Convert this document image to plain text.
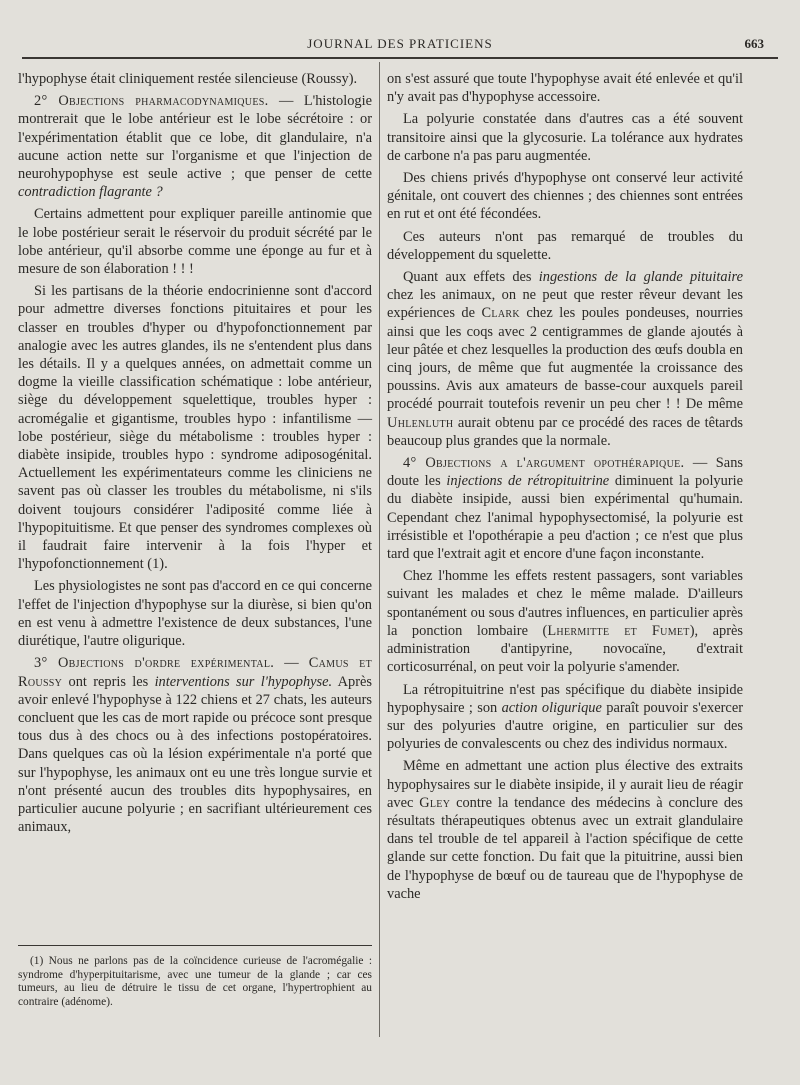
JOURNAL DES PRATICIENS	663

l'hypophyse était cliniquement restée silencieuse (Roussy).

2° Objections pharmacodynamiques. — L'histologie montrerait que le lobe antérieur est le lobe sécrétoire : or l'expérimentation établit que ce lobe, dit glandulaire, n'a aucune action nette sur l'organisme et que l'injection de neurohypophyse est seule active ; que penser de cette contradiction flagrante ?

Certains admettent pour expliquer pareille antinomie que le lobe postérieur serait le réservoir du produit sécrété par le lobe antérieur, qu'il absorbe comme une éponge au fur et à mesure de son élaboration ! ! !

Si les partisans de la théorie endocrinienne sont d'accord pour admettre diverses fonctions pituitaires et pour les classer en troubles d'hyper ou d'hypofonctionnement par analogie avec les autres glandes, ils ne s'entendent plus dans les détails. Il y a quelques années, on admettait comme un dogme la vieille classification schématique : lobe antérieur, siège du développement squelettique, troubles hyper : acromégalie et gigantisme, troubles hypo : infantilisme — lobe postérieur, siège du métabolisme : troubles hyper : diabète insipide, troubles hypo : syndrome adiposogénital. Actuellement les expérimentateurs comme les cliniciens ne savent pas où classer les troubles du métabolisme, ni s'ils doivent toujours considérer l'adiposité comme liée à l'hypopituitisme. Et que penser des syndromes complexes où il faudrait faire intervenir à la fois l'hyper et l'hypofonctionnement (1).

Les physiologistes ne sont pas d'accord en ce qui concerne l'effet de l'injection d'hypophyse sur la diurèse, si bien qu'on en est venu à admettre l'existence de deux substances, l'une diurétique, l'autre oligurique.

3° Objections d'ordre expérimental. — Camus et Roussy ont repris les interventions sur l'hypophyse. Après avoir enlevé l'hypophyse à 122 chiens et 27 chats, les auteurs concluent que les cas de mort rapide ou précoce sont presque tous dus à des chocs ou à des infections postopératoires. Dans quelques cas où la lésion expérimentale n'a porté que sur l'hypophyse, les animaux ont eu une très longue survie et n'ont présenté aucun des troubles dits hypophysaires, en particulier aucune polyurie ; en sacrifiant ultérieurement ces animaux,

(1) Nous ne parlons pas de la coïncidence curieuse de l'acromégalie : syndrome d'hyperpituitarisme, avec une tumeur de la glande ; car ces tumeurs, au lieu de détruire le tissu de cet organe, l'hypertrophient au contraire (adénome).

on s'est assuré que toute l'hypophyse avait été enlevée et qu'il n'y avait pas d'hypophyse accessoire.

La polyurie constatée dans d'autres cas a été souvent transitoire ainsi que la glycosurie. La tolérance aux hydrates de carbone n'a pas paru augmentée.

Des chiens privés d'hypophyse ont conservé leur activité génitale, ont couvert des chiennes ; des chiennes sont entrées en rut et ont été fécondées.

Ces auteurs n'ont pas remarqué de troubles du développement du squelette.

Quant aux effets des ingestions de la glande pituitaire chez les animaux, on ne peut que rester rêveur devant les expériences de Clark chez les poules pondeuses, nourries ainsi que les coqs avec 2 centigrammes de glande ajoutés à leur pâtée et chez lesquelles la production des œufs doubla en cinq jours, de même que fut augmentée la croissance des poussins. Avis aux amateurs de basse-cour auxquels pareil procédé pourrait toutefois revenir un peu cher ! ! De même Uhlenluth aurait obtenu par ce procédé des races de têtards beaucoup plus grandes que la normale.

4° Objections a l'argument opothérapique. — Sans doute les injections de rétropituitrine diminuent la polyurie du diabète insipide, aussi bien expérimental qu'humain. Cependant chez l'animal hypophysectomisé, la polyurie est irrésistible et l'opothérapie a peu d'action ; ce n'est que plus tard que l'extrait agit et encore d'une façon inconstante.

Chez l'homme les effets restent passagers, sont variables suivant les malades et chez le même malade. D'ailleurs spontanément ou sous d'autres influences, en particulier après la ponction lombaire (Lhermitte et Fumet), après administration d'antipyrine, novocaïne, d'extrait corticosurrénal, on peut voir la polyurie s'amender.

La rétropituitrine n'est pas spécifique du diabète insipide hypophysaire ; son action oligurique paraît pouvoir s'exercer sur des polyuries d'autre origine, en particulier sur des polyuries de convalescents ou chez des individus normaux.

Même en admettant une action plus élective des extraits hypophysaires sur le diabète insipide, il y aurait lieu de réagir avec Gley contre la tendance des médecins à conclure des résultats thérapeutiques obtenus avec un extrait glandulaire dans tel trouble de tel appareil à l'action spécifique de cette glande sur cette fonction. Du fait que la pituitrine, aussi bien de l'hypophyse de bœuf ou de taureau que de l'hypophyse de vache
